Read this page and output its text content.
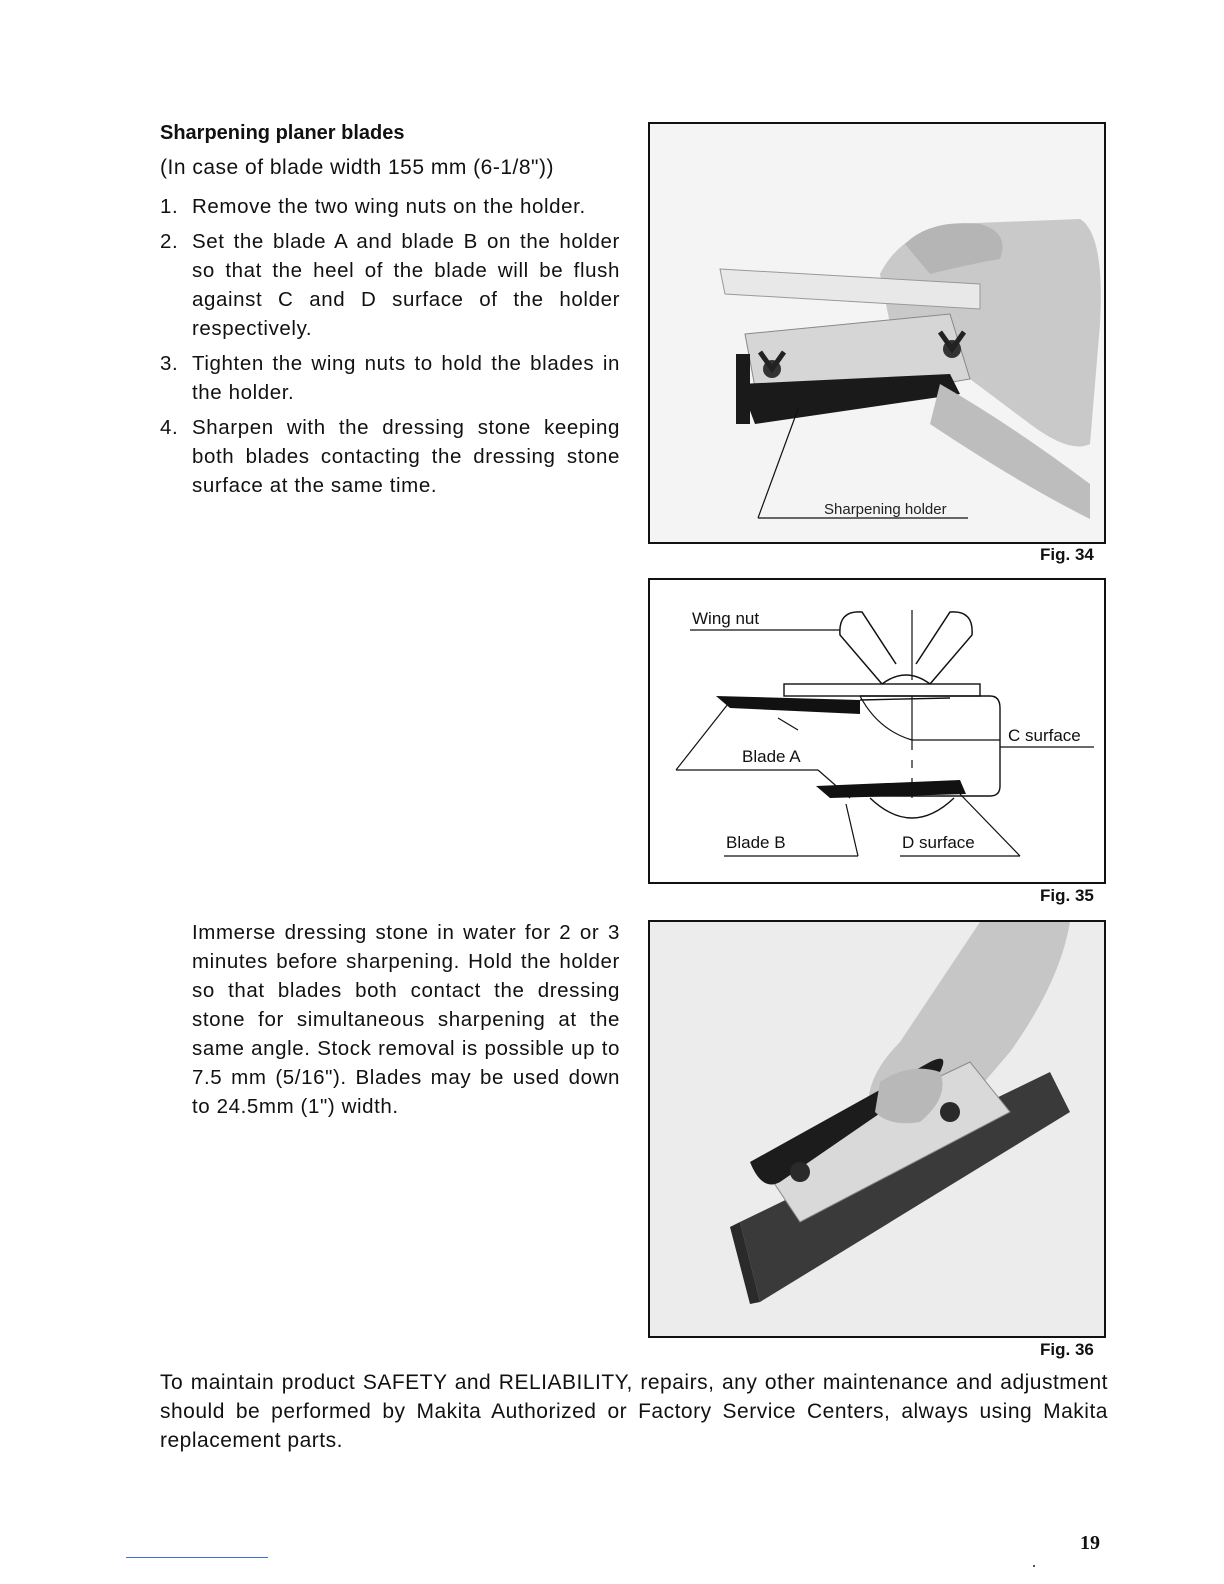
Sharpening planer blades
(In case of blade width 155 mm (6-1/8"))
1. Remove the two wing nuts on the holder.
2. Set the blade A and blade B on the holder so that the heel of the blade will be flush against C and D surface of the holder respectively.
3. Tighten the wing nuts to hold the blades in the holder.
4. Sharpen with the dressing stone keeping both blades contacting the dressing stone surface at the same time.

Immerse dressing stone in water for 2 or 3 minutes before sharpening. Hold the holder so that blades both contact the dressing stone for simultaneous sharpening at the same angle. Stock removal is possible up to 7.5 mm (5/16"). Blades may be used down to 24.5mm (1") width.

Sharpening holder
Fig. 34
Wing nut
C surface
Blade A
Blade B	D surface
Fig. 35
Fig. 36

To maintain product SAFETY and RELIABILITY, repairs, any other maintenance and adjustment should be performed by Makita Authorized or Factory Service Centers, always using Makita replacement parts.

19
